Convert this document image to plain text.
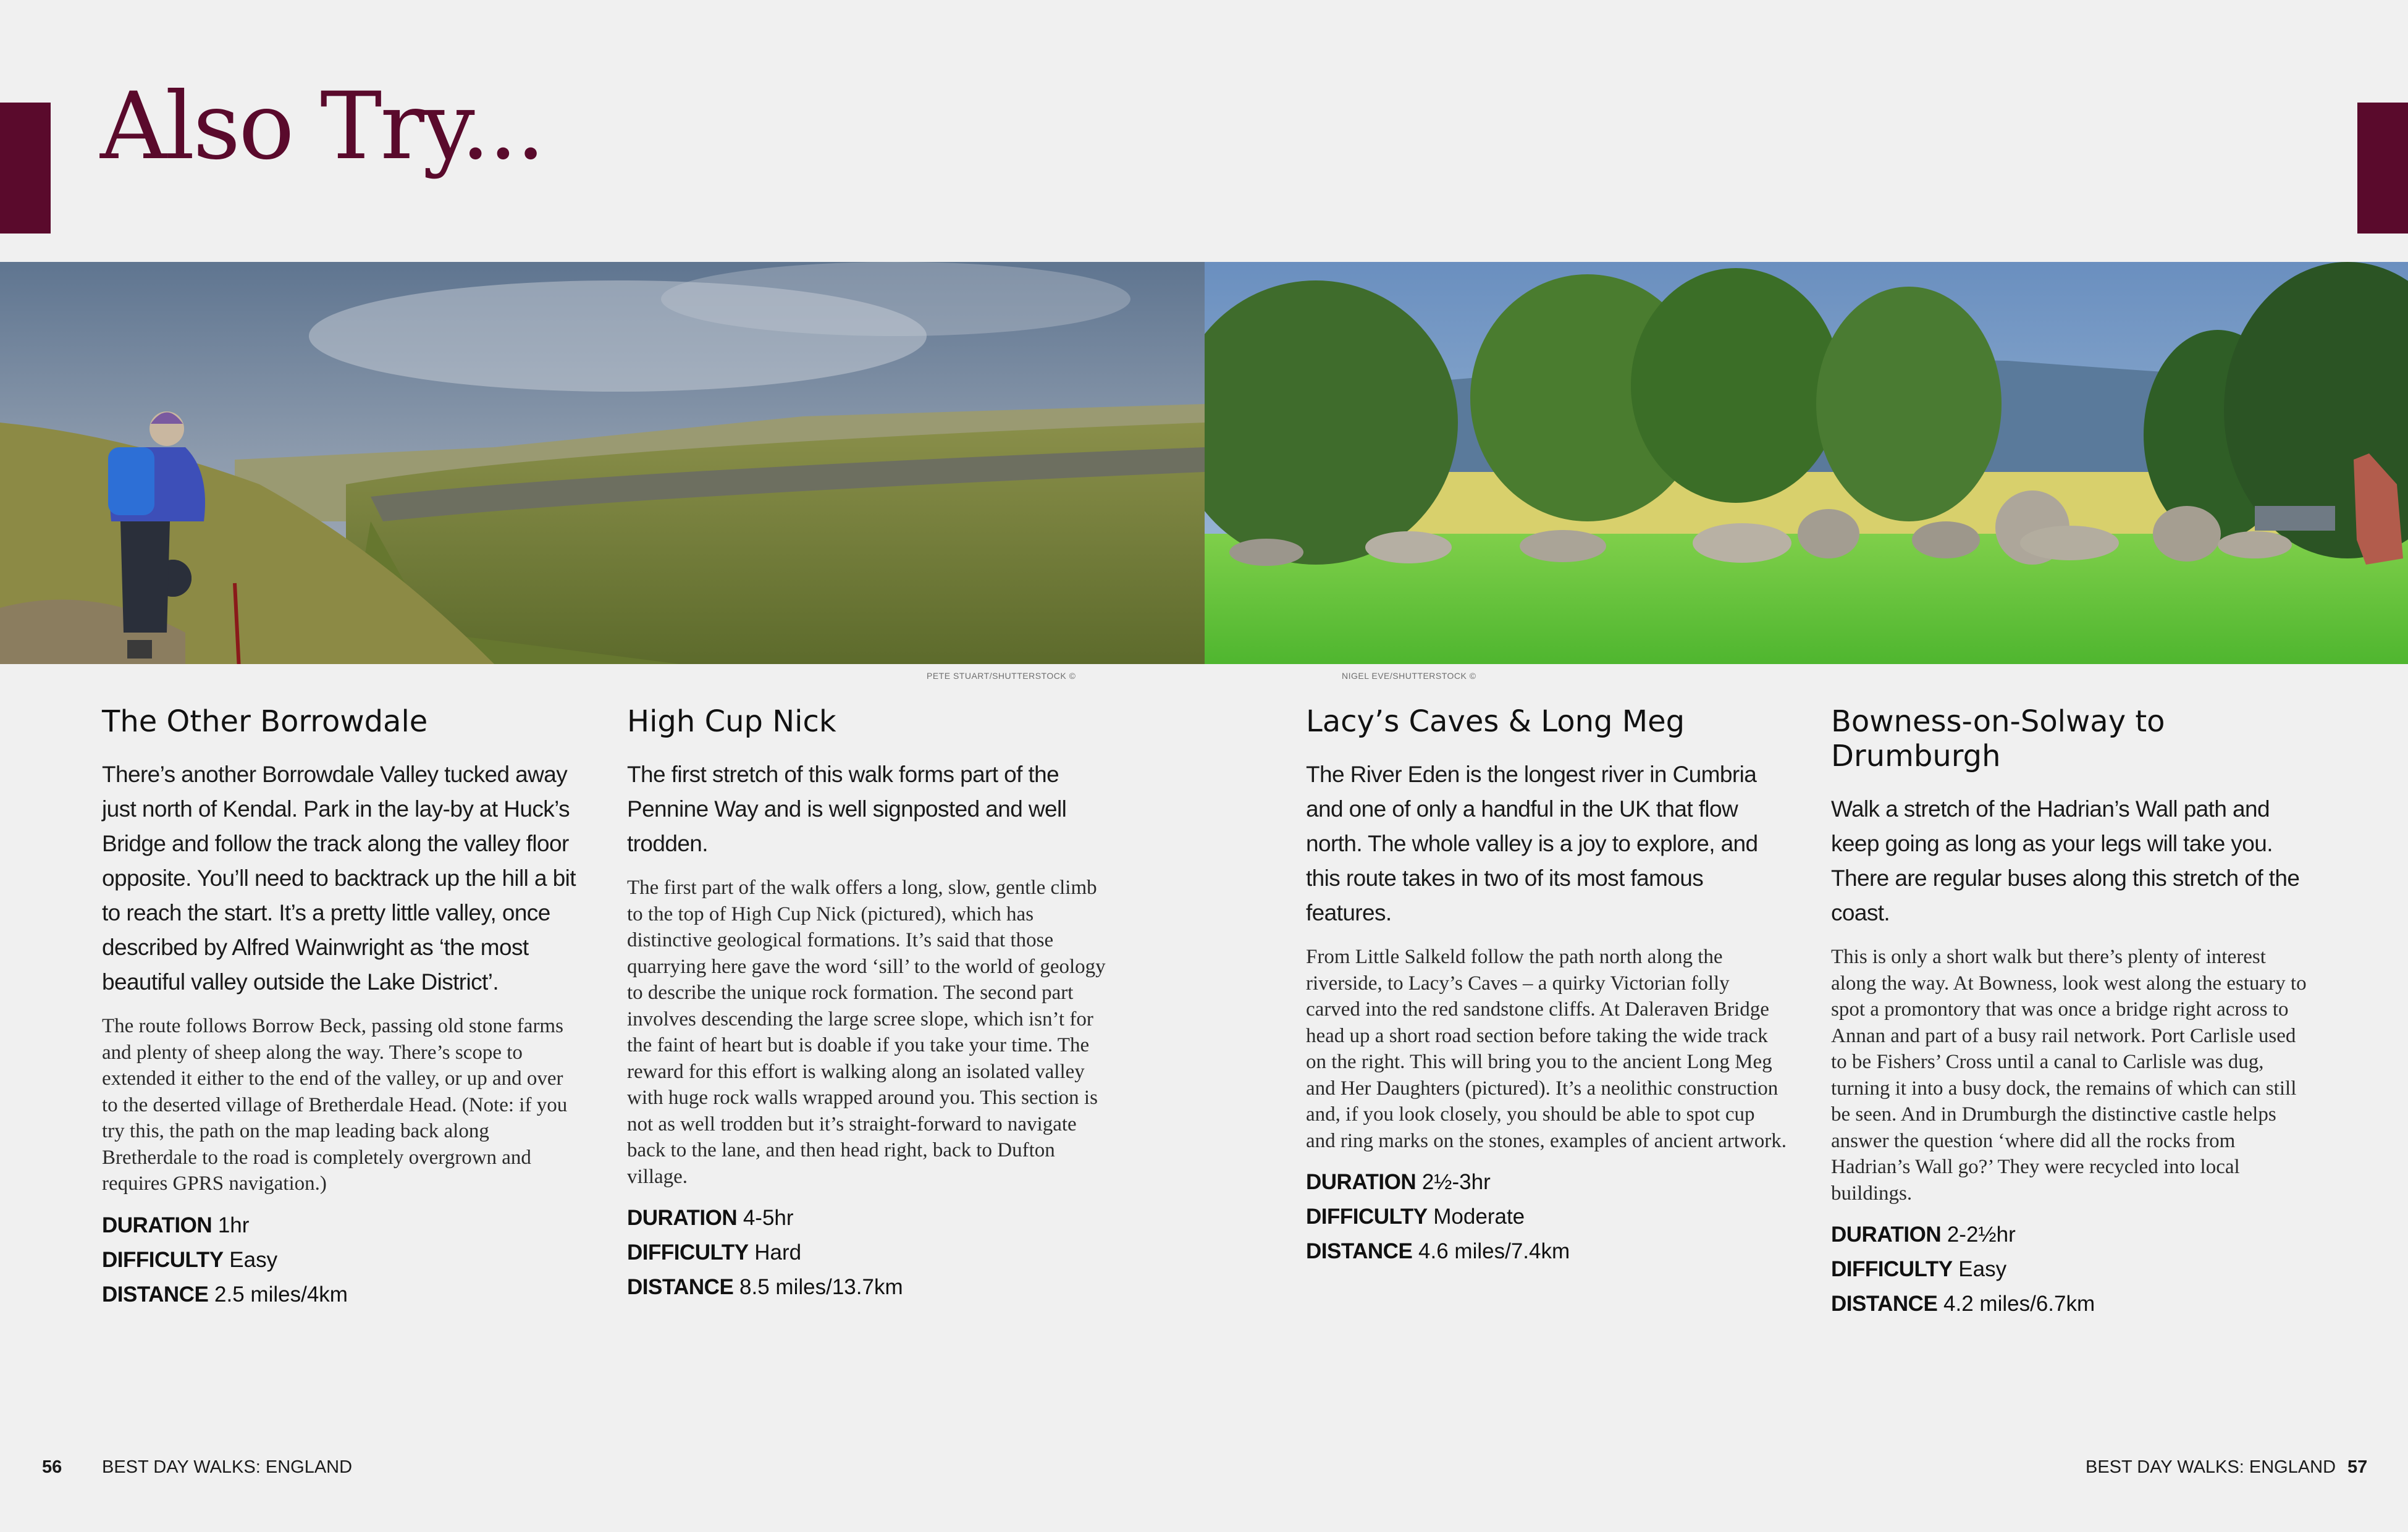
Also Try...
PETE STUART/SHUTTERSTOCK ©	NIGEL EVE/SHUTTERSTOCK ©
The Other Borrowdale
There’s another Borrowdale Valley tucked away just north of Kendal. Park in the lay-by at Huck’s Bridge and follow the track along the valley floor opposite. You’ll need to backtrack up the hill a bit to reach the start. It’s a pretty little valley, once described by Alfred Wainwright as ‘the most beautiful valley outside the Lake District’.
The route follows Borrow Beck, passing old stone farms and plenty of sheep along the way. There’s scope to extended it either to the end of the valley, or up and over to the deserted village of Bretherdale Head. (Note: if you try this, the path on the map leading back along Bretherdale to the road is completely overgrown and requires GPRS navigation.)
DURATION 1hr
DIFFICULTY Easy
DISTANCE 2.5 miles/4km
High Cup Nick
The first stretch of this walk forms part of the Pennine Way and is well signposted and well trodden.
The first part of the walk offers a long, slow, gentle climb to the top of High Cup Nick (pictured), which has distinctive geological formations. It’s said that those quarrying here gave the word ‘sill’ to the world of geology to describe the unique rock formation. The second part involves descending the large scree slope, which isn’t for the faint of heart but is doable if you take your time. The reward for this effort is walking along an isolated valley with huge rock walls wrapped around you. This section is not as well trodden but it’s straight-forward to navigate back to the lane, and then head right, back to Dufton village.
DURATION 4-5hr
DIFFICULTY Hard
DISTANCE 8.5 miles/13.7km
Lacy’s Caves & Long Meg
The River Eden is the longest river in Cumbria and one of only a handful in the UK that flow north. The whole valley is a joy to explore, and this route takes in two of its most famous features.
From Little Salkeld follow the path north along the riverside, to Lacy’s Caves – a quirky Victorian folly carved into the red sandstone cliffs. At Daleraven Bridge head up a short road section before taking the wide track on the right. This will bring you to the ancient Long Meg and Her Daughters (pictured). It’s a neolithic construction and, if you look closely, you should be able to spot cup and ring marks on the stones, examples of ancient artwork.
DURATION 2½-3hr
DIFFICULTY Moderate
DISTANCE 4.6 miles/7.4km
Bowness-on-Solway to Drumburgh
Walk a stretch of the Hadrian’s Wall path and keep going as long as your legs will take you. There are regular buses along this stretch of the coast.
This is only a short walk but there’s plenty of interest along the way. At Bowness, look west along the estuary to spot a promontory that was once a bridge right across to Annan and part of a busy rail network. Port Carlisle used to be Fishers’ Cross until a canal to Carlisle was dug, turning it into a busy dock, the remains of which can still be seen. And in Drumburgh the distinctive castle helps answer the question ‘where did all the rocks from Hadrian’s Wall go?’ They were recycled into local buildings.
DURATION 2-2½hr
DIFFICULTY Easy
DISTANCE 4.2 miles/6.7km
56 BEST DAY WALKS: ENGLAND	BEST DAY WALKS: ENGLAND 57
